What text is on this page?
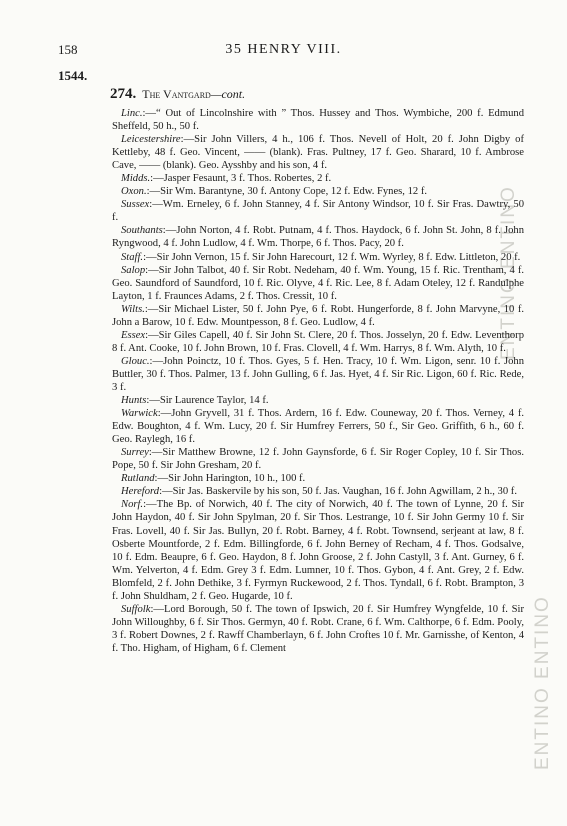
ENTINO ENTINO
ENTINO ENTINO
158	35 HENRY VIII.
1544.
274. The Vantgard—cont.

Linc.:—“ Out of Lincolnshire with ” Thos. Hussey and Thos. Wymbiche, 200 f. Edmund Sheffeld, 50 h., 50 f.

Leicestershire:—Sir John Villers, 4 h., 106 f. Thos. Nevell of Holt, 20 f. John Digby of Kettleby, 48 f. Geo. Vincent, —— (blank). Fras. Pultney, 17 f. Geo. Sharard, 10 f. Ambrose Cave, —— (blank). Geo. Aysshby and his son, 4 f.

Midds.:—Jasper Fesaunt, 3 f. Thos. Robertes, 2 f.

Oxon.:—Sir Wm. Barantyne, 30 f. Antony Cope, 12 f. Edw. Fynes, 12 f.

Sussex:—Wm. Erneley, 6 f. John Stanney, 4 f. Sir Antony Windsor, 10 f. Sir Fras. Dawtry, 50 f.

Southants:—John Norton, 4 f. Robt. Putnam, 4 f. Thos. Haydock, 6 f. John St. John, 8 f. John Ryngwood, 4 f. John Ludlow, 4 f. Wm. Thorpe, 6 f. Thos. Pacy, 20 f.

Staff.:—Sir John Vernon, 15 f. Sir John Harecourt, 12 f. Wm. Wyrley, 8 f. Edw. Littleton, 20 f.

Salop:—Sir John Talbot, 40 f. Sir Robt. Nedeham, 40 f. Wm. Young, 15 f. Ric. Trentham, 4 f. Geo. Saundford of Saundford, 10 f. Ric. Olyve, 4 f. Ric. Lee, 8 f. Adam Oteley, 12 f. Randulphe Layton, 1 f. Fraunces Adams, 2 f. Thos. Cressit, 10 f.

Wilts.:—Sir Michael Lister, 50 f. John Pye, 6 f. Robt. Hungerforde, 8 f. John Marvyne, 10 f. John a Barow, 10 f. Edw. Mountpesson, 8 f. Geo. Ludlow, 4 f.

Essex:—Sir Giles Capell, 40 f. Sir John St. Clere, 20 f. Thos. Josselyn, 20 f. Edw. Leventhorp 8 f. Ant. Cooke, 10 f. John Brown, 10 f. Fras. Clovell, 4 f. Wm. Harrys, 8 f. Wm. Alyth, 10 f.

Glouc.:—John Poinctz, 10 f. Thos. Gyes, 5 f. Hen. Tracy, 10 f. Wm. Ligon, senr. 10 f. John Buttler, 30 f. Thos. Palmer, 13 f. John Gulling, 6 f. Jas. Hyet, 4 f. Sir Ric. Ligon, 60 f. Ric. Rede, 3 f.

Hunts:—Sir Laurence Taylor, 14 f.

Warwick:—John Gryvell, 31 f. Thos. Ardern, 16 f. Edw. Couneway, 20 f. Thos. Verney, 4 f. Edw. Boughton, 4 f. Wm. Lucy, 20 f. Sir Humfrey Ferrers, 50 f., Sir Geo. Griffith, 6 h., 60 f. Geo. Raylegh, 16 f.

Surrey:—Sir Matthew Browne, 12 f. John Gaynsforde, 6 f. Sir Roger Copley, 10 f. Sir Thos. Pope, 50 f. Sir John Gresham, 20 f.

Rutland:—Sir John Harington, 10 h., 100 f.

Hereford:—Sir Jas. Baskervile by his son, 50 f. Jas. Vaughan, 16 f. John Agwillam, 2 h., 30 f.

Norf.:—The Bp. of Norwich, 40 f. The city of Norwich, 40 f. The town of Lynne, 20 f. Sir John Haydon, 40 f. Sir John Spylman, 20 f. Sir Thos. Lestrange, 10 f. Sir John Germy 10 f. Sir Fras. Lovell, 40 f. Sir Jas. Bullyn, 20 f. Robt. Barney, 4 f. Robt. Townsend, serjeant at law, 8 f. Osberte Mountforde, 2 f. Edm. Billingforde, 6 f. John Berney of Recham, 4 f. Thos. Godsalve, 10 f. Edm. Beaupre, 6 f. Geo. Haydon, 8 f. John Groose, 2 f. John Castyll, 3 f. Ant. Gurney, 6 f. Wm. Yelverton, 4 f. Edm. Grey 3 f. Edm. Lumner, 10 f. Thos. Gybon, 4 f. Ant. Grey, 2 f. Edw. Blomfeld, 2 f. John Dethike, 3 f. Fyrmyn Ruckewood, 2 f. Thos. Tyndall, 6 f. Robt. Brampton, 3 f. John Shuldham, 2 f. Geo. Hugarde, 10 f.

Suffolk:—Lord Borough, 50 f. The town of Ipswich, 20 f. Sir Humfrey Wyngfelde, 10 f. Sir John Willoughby, 6 f. Sir Thos. Germyn, 40 f. Robt. Crane, 6 f. Wm. Calthorpe, 6 f. Edm. Pooly, 3 f. Robert Downes, 2 f. Rawff Chamberlayn, 6 f. John Croftes 10 f. Mr. Garnisshe, of Kenton, 4 f. Tho. Higham, of Higham, 6 f. Clement
